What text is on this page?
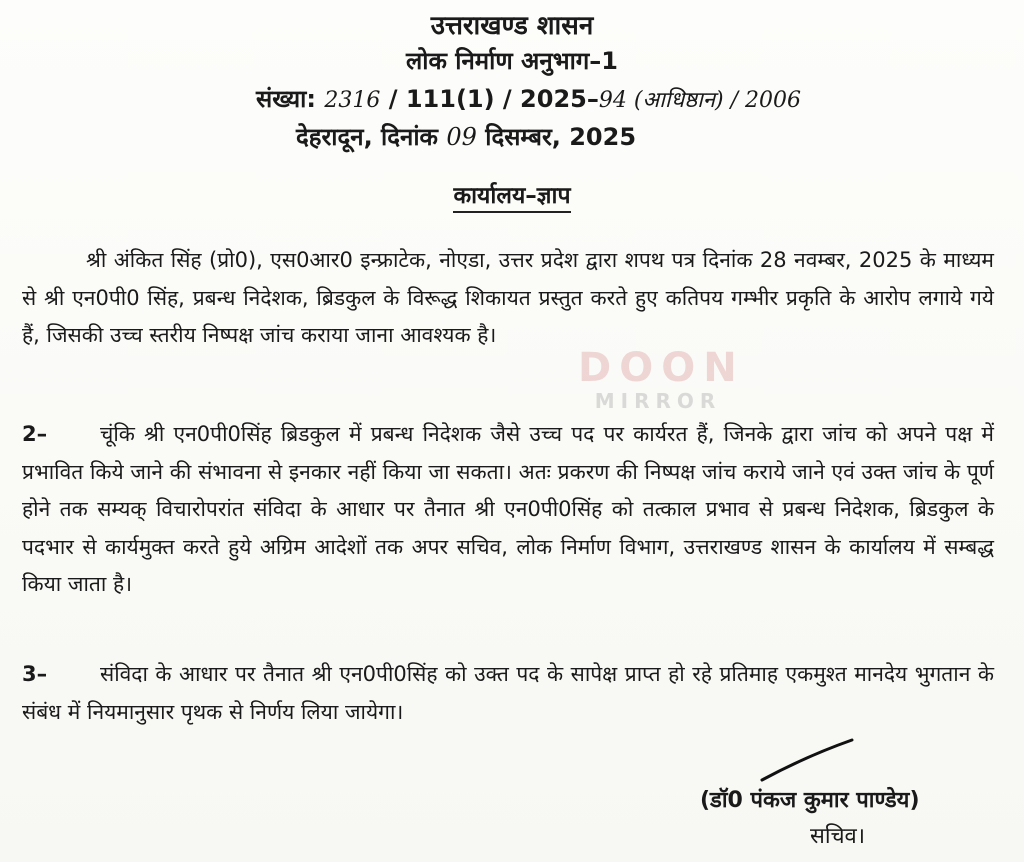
उत्तराखण्ड शासन
लोक निर्माण अनुभाग–1
संख्या: 2316 / 111(1) / 2025–94 (आधिष्ठान) / 2006
देहरादून, दिनांक 09 दिसम्बर, 2025
कार्यालय–ज्ञाप
श्री अंकित सिंह (प्रो0), एस0आर0 इन्फ्राटेक, नोएडा, उत्तर प्रदेश द्वारा शपथ पत्र दिनांक 28 नवम्बर, 2025 के माध्यम से श्री एन0पी0 सिंह, प्रबन्ध निदेशक, ब्रिडकुल के विरूद्ध शिकायत प्रस्तुत करते हुए कतिपय गम्भीर प्रकृति के आरोप लगाये गये हैं, जिसकी उच्च स्तरीय निष्पक्ष जांच कराया जाना आवश्यक है।
2–	चूंकि श्री एन0पी0सिंह ब्रिडकुल में प्रबन्ध निदेशक जैसे उच्च पद पर कार्यरत हैं, जिनके द्वारा जांच को अपने पक्ष में प्रभावित किये जाने की संभावना से इनकार नहीं किया जा सकता। अतः प्रकरण की निष्पक्ष जांच कराये जाने एवं उक्त जांच के पूर्ण होने तक सम्यक् विचारोपरांत संविदा के आधार पर तैनात श्री एन0पी0सिंह को तत्काल प्रभाव से प्रबन्ध निदेशक, ब्रिडकुल के पदभार से कार्यमुक्त करते हुये अग्रिम आदेशों तक अपर सचिव, लोक निर्माण विभाग, उत्तराखण्ड शासन के कार्यालय में सम्बद्ध किया जाता है।
3–	संविदा के आधार पर तैनात श्री एन0पी0सिंह को उक्त पद के सापेक्ष प्राप्त हो रहे प्रतिमाह एकमुश्त मानदेय भुगतान के संबंध में नियमानुसार पृथक से निर्णय लिया जायेगा।
DOON
MIRROR
(डॉ0 पंकज कुमार पाण्डेय)
सचिव।
